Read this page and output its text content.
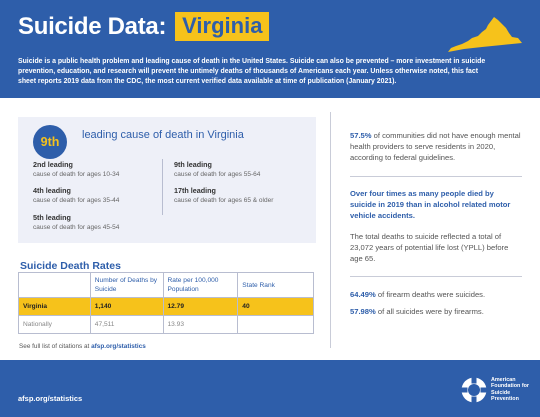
Suicide Data: Virginia
Suicide is a public health problem and leading cause of death in the United States. Suicide can also be prevented – more investment in suicide prevention, education, and research will prevent the untimely deaths of thousands of Americans each year. Unless otherwise noted, this fact sheet reports 2019 data from the CDC, the most current verified data available at time of publication (January 2021).
9th	leading cause of death in Virginia
2nd leading
cause of death for ages 10-34
4th leading
cause of death for ages 35-44
5th leading
cause of death for ages 45-54
9th leading
cause of death for ages 55-64
17th leading
cause of death for ages 65 & older
Suicide Death Rates
	Number of Deaths by Suicide	Rate per 100,000 Population	State Rank
Virginia	1,140	12.79	40
Nationally	47,511	13.93	
See full list of citations at afsp.org/statistics
57.5% of communities did not have enough mental health providers to serve residents in 2020, according to federal guidelines.
Over four times as many people died by suicide in 2019 than in alcohol related motor vehicle accidents.
The total deaths to suicide reflected a total of 23,072 years of potential life lost (YPLL) before age 65.
64.49% of firearm deaths were suicides.
57.98% of all suicides were by firearms.
afsp.org/statistics
American Foundation for Suicide Prevention
